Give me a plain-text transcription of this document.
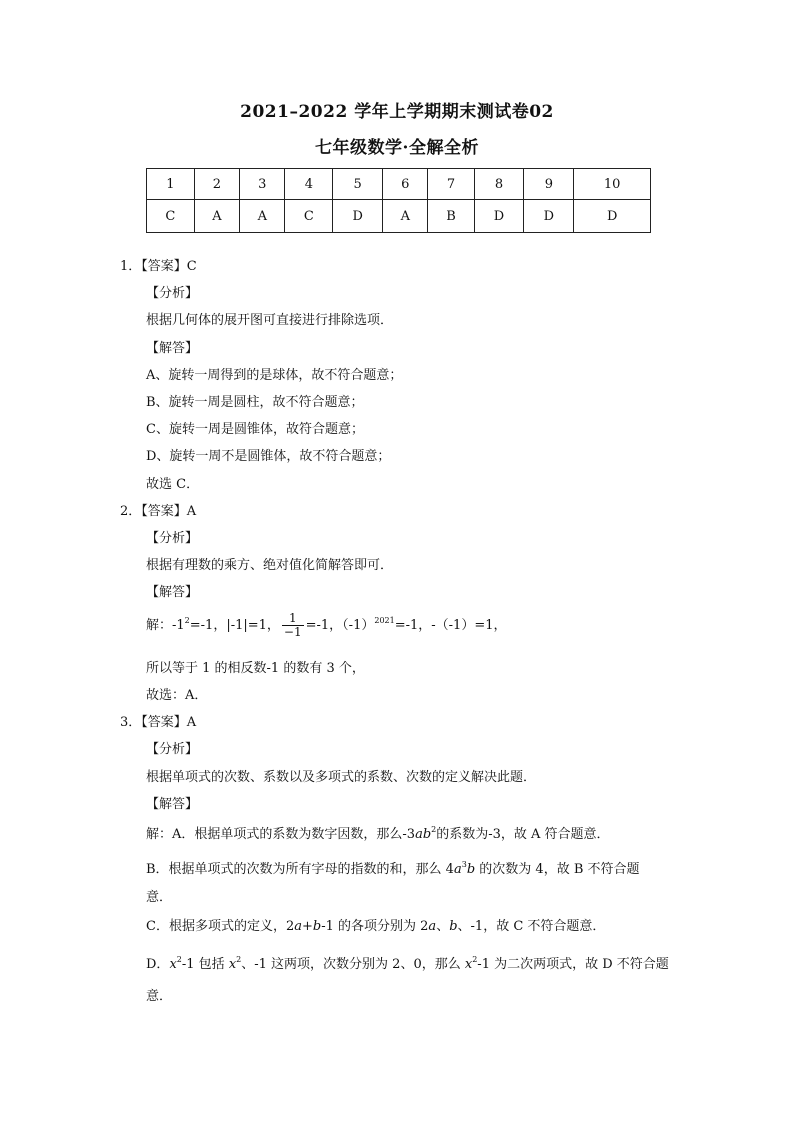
2021–2022 学年上学期期末测试卷02
七年级数学·全解全析
1	2	3	4	5	6	7	8	9	10
C	A	A	C	D	A	B	D	D	D
1．【答案】C
【分析】
根据几何体的展开图可直接进行排除选项．
【解答】
A、旋转一周得到的是球体，故不符合题意；
B、旋转一周是圆柱，故不符合题意；
C、旋转一周是圆锥体，故符合题意；
D、旋转一周不是圆锥体，故不符合题意；
故选 C．
2．【答案】A
【分析】
根据有理数的乘方、绝对值化简解答即可．
【解答】
解：$-1^2=-1$，|-1|=1， $\frac{1}{-1} =-1$，$(-1)^{2021}=-1$，-（-1）=1，
所以等于 1 的相反数-1 的数有 3 个，
故选：A．
3．【答案】A
【分析】
根据单项式的次数、系数以及多项式的系数、次数的定义解决此题．
【解答】
解：A．根据单项式的系数为数字因数，那么$-3ab^2$的系数为-3，故 A 符合题意．
B．根据单项式的次数为所有字母的指数的和，那么 $4a^3b$ 的次数为 4，故 B 不符合题
意．
C．根据多项式的定义，2a+b-1 的各项分别为 2a、b、-1，故 C 不符合题意．
D．$x^2-1$ 包括 $x^2$、-1 这两项，次数分别为 2、0，那么 $x^2-1$ 为二次两项式，故 D 不符合题
意．
